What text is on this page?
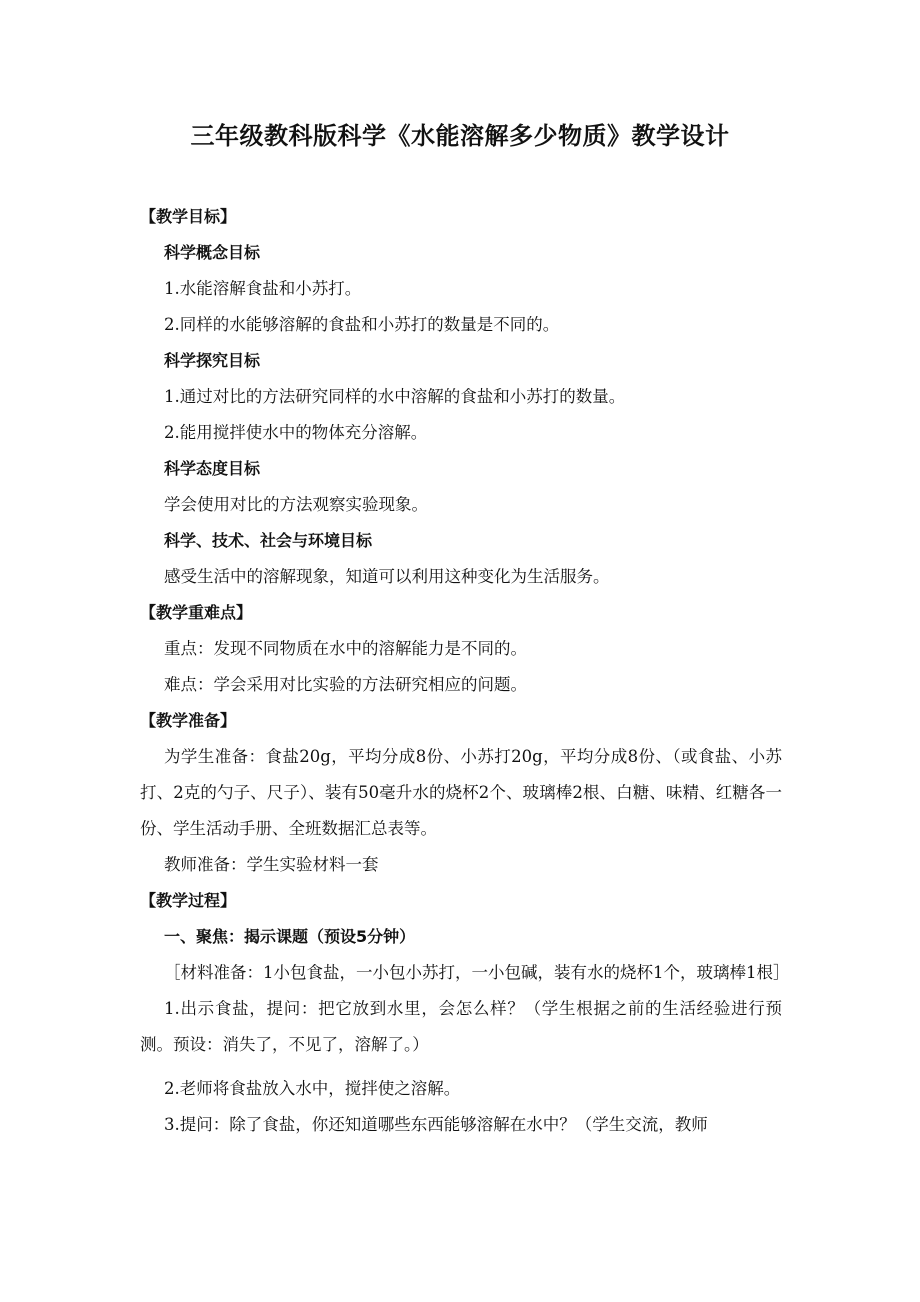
三年级教科版科学《水能溶解多少物质》教学设计
【教学目标】
科学概念目标
1.水能溶解食盐和小苏打。
2.同样的水能够溶解的食盐和小苏打的数量是不同的。
科学探究目标
1.通过对比的方法研究同样的水中溶解的食盐和小苏打的数量。
2.能用搅拌使水中的物体充分溶解。
科学态度目标
学会使用对比的方法观察实验现象。
科学、技术、社会与环境目标
感受生活中的溶解现象，知道可以利用这种变化为生活服务。
【教学重难点】
重点：发现不同物质在水中的溶解能力是不同的。
难点：学会采用对比实验的方法研究相应的问题。
【教学准备】
为学生准备：食盐20g，平均分成8份、小苏打20g，平均分成8份、（或食盐、小苏打、2克的勺子、尺子）、装有50毫升水的烧杯2个、玻璃棒2根、白糖、味精、红糖各一份、学生活动手册、全班数据汇总表等。
教师准备：学生实验材料一套
【教学过程】
一、聚焦：揭示课题（预设5分钟）
［材料准备：1小包食盐，一小包小苏打，一小包碱，装有水的烧杯1个，玻璃棒1根］
1.出示食盐，提问：把它放到水里，会怎么样？（学生根据之前的生活经验进行预测。预设：消失了，不见了，溶解了。）
2.老师将食盐放入水中，搅拌使之溶解。
3.提问：除了食盐，你还知道哪些东西能够溶解在水中？（学生交流，教师
